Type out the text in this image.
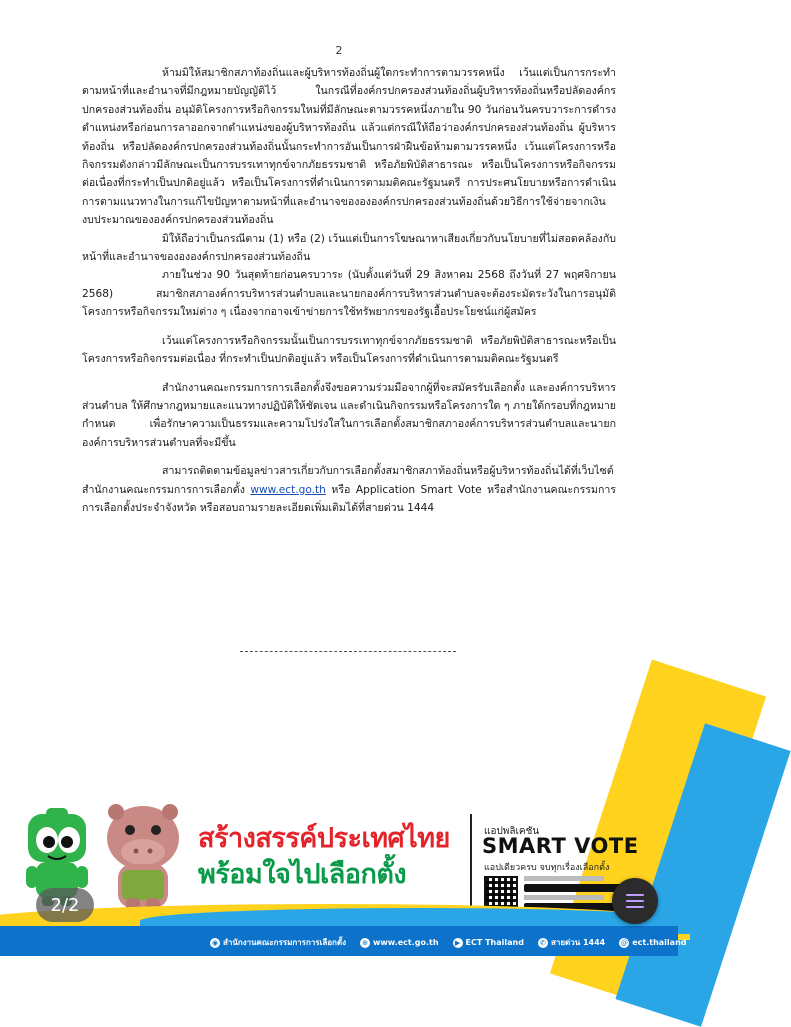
2

ห้ามมิให้สมาชิกสภาท้องถิ่นและผู้บริหารท้องถิ่นผู้ใดกระทำการตามวรรคหนึ่ง เว้นแต่เป็นการกระทำตามหน้าที่และอำนาจที่มีกฎหมายบัญญัติไว้ ในกรณีที่องค์กรปกครองส่วนท้องถิ่นผู้บริหารท้องถิ่นหรือปลัดองค์กรปกครองส่วนท้องถิ่น อนุมัติโครงการหรือกิจกรรมใหม่ที่มีลักษณะตามวรรคหนึ่งภายใน 90 วันก่อนวันครบวาระการดำรงตำแหน่งหรือก่อนการลาออกจากตำแหน่งของผู้บริหารท้องถิ่น แล้วแต่กรณีให้ถือว่าองค์กรปกครองส่วนท้องถิ่น ผู้บริหารท้องถิ่น หรือปลัดองค์กรปกครองส่วนท้องถิ่นนั้นกระทำการอันเป็นการฝ่าฝืนข้อห้ามตามวรรคหนึ่ง เว้นแต่โครงการหรือกิจกรรมดังกล่าวมีลักษณะเป็นการบรรเทาทุกข์จากภัยธรรมชาติ หรือภัยพิบัติสาธารณะ หรือเป็นโครงการหรือกิจกรรมต่อเนื่องที่กระทำเป็นปกติอยู่แล้ว หรือเป็นโครงการที่ดำเนินการตามมติคณะรัฐมนตรี การประศนโยบายหรือการดำเนินการตามแนวทางในการแก้ไขปัญหาตามหน้าที่และอำนาจของององค์กรปกครองส่วนท้องถิ่นด้วยวิธีการใช้จ่ายจากเงินงบประมาณขององค์กรปกครองส่วนท้องถิ่น

มิให้ถือว่าเป็นกรณีตาม (1) หรือ (2) เว้นแต่เป็นการโฆษณาหาเสียงเกี่ยวกับนโยบายที่ไม่สอดคล้องกับหน้าที่และอำนาจของององค์กรปกครองส่วนท้องถิ่น

ภายในช่วง 90 วันสุดท้ายก่อนครบวาระ (นับตั้งแต่วันที่ 29 สิงหาคม 2568 ถึงวันที่ 27 พฤศจิกายน 2568) สมาชิกสภาองค์การบริหารส่วนตำบลและนายกองค์การบริหารส่วนตำบลจะต้องระมัดระวังในการอนุมัติโครงการหรือกิจกรรมใหม่ต่าง ๆ เนื่องจากอาจเข้าข่ายการใช้ทรัพยากรของรัฐเอื้อประโยชน์แก่ผู้สมัคร

เว้นแต่โครงการหรือกิจกรรมนั้นเป็นการบรรเทาทุกข์จากภัยธรรมชาติ หรือภัยพิบัติสาธารณะหรือเป็นโครงการหรือกิจกรรมต่อเนื่อง ที่กระทำเป็นปกติอยู่แล้ว หรือเป็นโครงการที่ดำเนินการตามมติคณะรัฐมนตรี

สำนักงานคณะกรรมการการเลือกตั้งจึงขอความร่วมมือจากผู้ที่จะสมัครรับเลือกตั้ง และองค์การบริหารส่วนตำบล ให้ศึกษากฎหมายและแนวทางปฏิบัติให้ชัดเจน และดำเนินกิจกรรมหรือโครงการใด ๆ ภายใต้กรอบที่กฎหมายกำหนด เพื่อรักษาความเป็นธรรมและความโปร่งใสในการเลือกตั้งสมาชิกสภาองค์การบริหารส่วนตำบลและนายกองค์การบริหารส่วนตำบลที่จะมีขึ้น

สามารถติดตามข้อมูลข่าวสารเกี่ยวกับการเลือกตั้งสมาชิกสภาท้องถิ่นหรือผู้บริหารท้องถิ่นได้ที่เว็บไซต์สำนักงานคณะกรรมการการเลือกตั้ง www.ect.go.th หรือ Application Smart Vote หรือสำนักงานคณะกรรมการการเลือกตั้งประจำจังหวัด หรือสอบถามรายละเอียดเพิ่มเติมได้ที่สายด่วน 1444

สร้างสรรค์ประเทศไทย
พร้อมใจไปเลือกตั้ง
แอปพลิเคชัน
SMART VOTE
แอปเดียวครบ จบทุกเรื่องเลือกตั้ง
◉ สำนักงานคณะกรรมการการเลือกตั้ง ⊕ www.ect.go.th	▶ ECT Thailand ✆ สายด่วน 1444 @ ect.thailand
2/2
